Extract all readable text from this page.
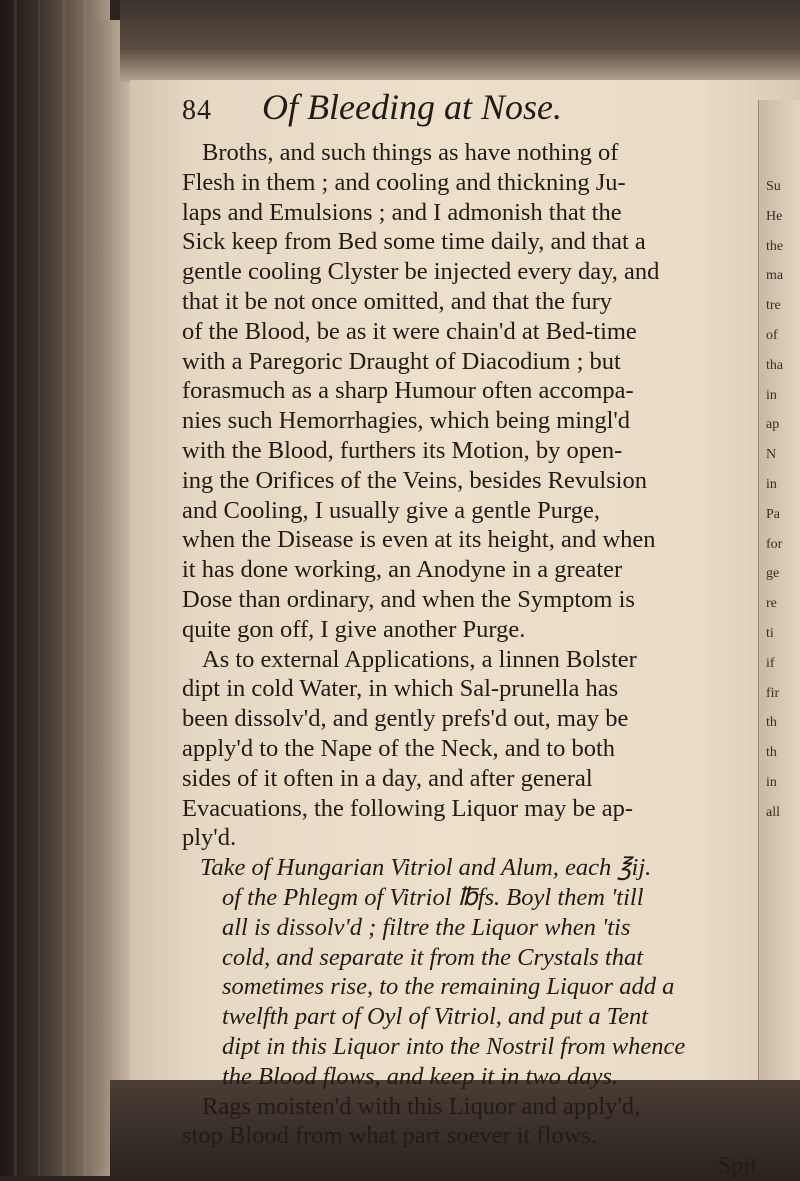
Su
He
the
ma
tre
of
tha
in
ap
N
in
Pa
for
ge
re
ti
if
fir
th
th
in
all
84	Of Bleeding at Nose.
Broths, and such things as have nothing of
Flesh in them ; and cooling and thickning Ju-
laps and Emulsions ; and I admonish that the
Sick keep from Bed some time daily, and that a
gentle cooling Clyster be injected every day, and
that it be not once omitted, and that the fury
of the Blood, be as it were chain'd at Bed-time
with a Paregoric Draught of Diacodium ; but
forasmuch as a sharp Humour often accompa-
nies such Hemorrhagies, which being mingl'd
with the Blood, furthers its Motion, by open-
ing the Orifices of the Veins, besides Revulsion
and Cooling, I usually give a gentle Purge,
when the Disease is even at its height, and when
it has done working, an Anodyne in a greater
Dose than ordinary, and when the Symptom is
quite gon off, I give another Purge.
As to external Applications, a linnen Bolster
dipt in cold Water, in which Sal-prunella has
been dissolv'd, and gently prefs'd out, may be
apply'd to the Nape of the Neck, and to both
sides of it often in a day, and after general
Evacuations, the following Liquor may be ap-
ply'd.
Take of Hungarian Vitriol and Alum, each ℥ij.
of the Phlegm of Vitriol ℔fs. Boyl them 'till
all is dissolv'd ; filtre the Liquor when 'tis
cold, and separate it from the Crystals that
sometimes rise, to the remaining Liquor add a
twelfth part of Oyl of Vitriol, and put a Tent
dipt in this Liquor into the Nostril from whence
the Blood flows, and keep it in two days.
Rags moisten'd with this Liquor and apply'd,
stop Blood from what part soever it flows.
Spit
